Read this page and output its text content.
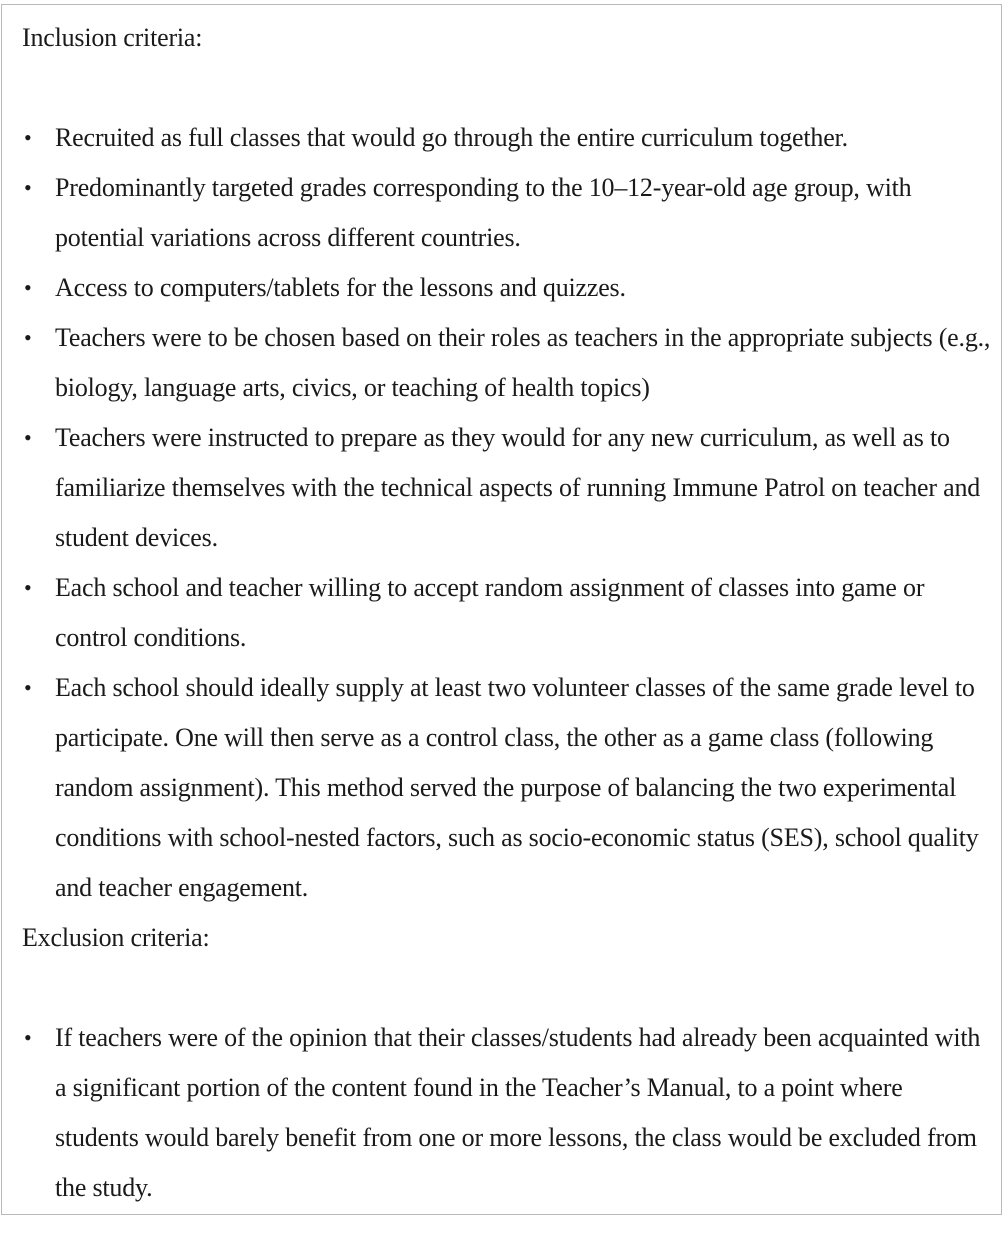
Inclusion criteria:
• Recruited as full classes that would go through the entire curriculum together.
• Predominantly targeted grades corresponding to the 10–12-year-old age group, with potential variations across different countries.
• Access to computers/tablets for the lessons and quizzes.
• Teachers were to be chosen based on their roles as teachers in the appropriate subjects (e.g., biology, language arts, civics, or teaching of health topics)
• Teachers were instructed to prepare as they would for any new curriculum, as well as to familiarize themselves with the technical aspects of running Immune Patrol on teacher and student devices.
• Each school and teacher willing to accept random assignment of classes into game or control conditions.
• Each school should ideally supply at least two volunteer classes of the same grade level to participate. One will then serve as a control class, the other as a game class (following random assignment). This method served the purpose of balancing the two experimental conditions with school-nested factors, such as socio-economic status (SES), school quality and teacher engagement.
Exclusion criteria:
• If teachers were of the opinion that their classes/students had already been acquainted with a significant portion of the content found in the Teacher’s Manual, to a point where students would barely benefit from one or more lessons, the class would be excluded from the study.
